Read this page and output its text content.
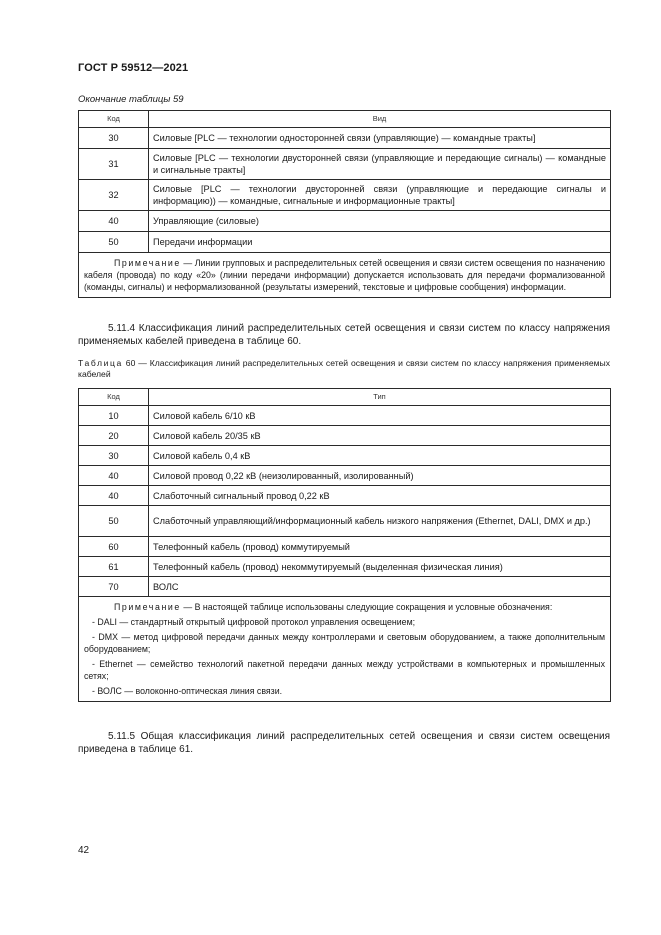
ГОСТ Р 59512—2021
Окончание таблицы 59
Код	Вид
30	Силовые [PLC — технологии односторонней связи (управляющие) — командные тракты]
31	Силовые [PLC — технологии двусторонней связи (управляющие и передающие сигналы) — командные и сигнальные тракты]
32	Силовые [PLC — технологии двусторонней связи (управляющие и передающие сигналы и информацию)) — командные, сигнальные и информационные тракты]
40	Управляющие (силовые)
50	Передачи информации

Примечание — Линии групповых и распределительных сетей освещения и связи систем освещения по назначению кабеля (провода) по коду «20» (линии передачи информации) допускается использовать для передачи формализованной (команды, сигналы) и неформализованной (результаты измерений, текстовые и цифровые сообщения) информации.	

5.11.4 Классификация линий распределительных сетей освещения и связи систем по классу напряжения применяемых кабелей приведена в таблице 60.
Таблица 60 — Классификация линий распределительных сетей освещения и связи систем по классу напряжения применяемых кабелей
Код	Тип
10	Силовой кабель 6/10 кВ
20	Силовой кабель 20/35 кВ
30	Силовой кабель 0,4 кВ
40	Силовой провод 0,22 кВ (неизолированный, изолированный)
40	Слаботочный сигнальный провод 0,22 кВ
50	Слаботочный управляющий/информационный кабель низкого напряжения (Ethernet, DALI, DMX и др.)
60	Телефонный кабель (провод) коммутируемый
61	Телефонный кабель (провод) некоммутируемый (выделенная физическая линия)
70	ВОЛС

Примечание — В настоящей таблице использованы следующие сокращения и условные обозначения:

- DALI — стандартный открытый цифровой протокол управления освещением;

- DMX — метод цифровой передачи данных между контроллерами и световым оборудованием, а также дополнительным оборудованием;

- Ethernet — семейство технологий пакетной передачи данных между устройствами в компьютерных и промышленных сетях;

- ВОЛС — волоконно-оптическая линия связи.	

5.11.5 Общая классификация линий распределительных сетей освещения и связи систем освещения приведена в таблице 61.
42
